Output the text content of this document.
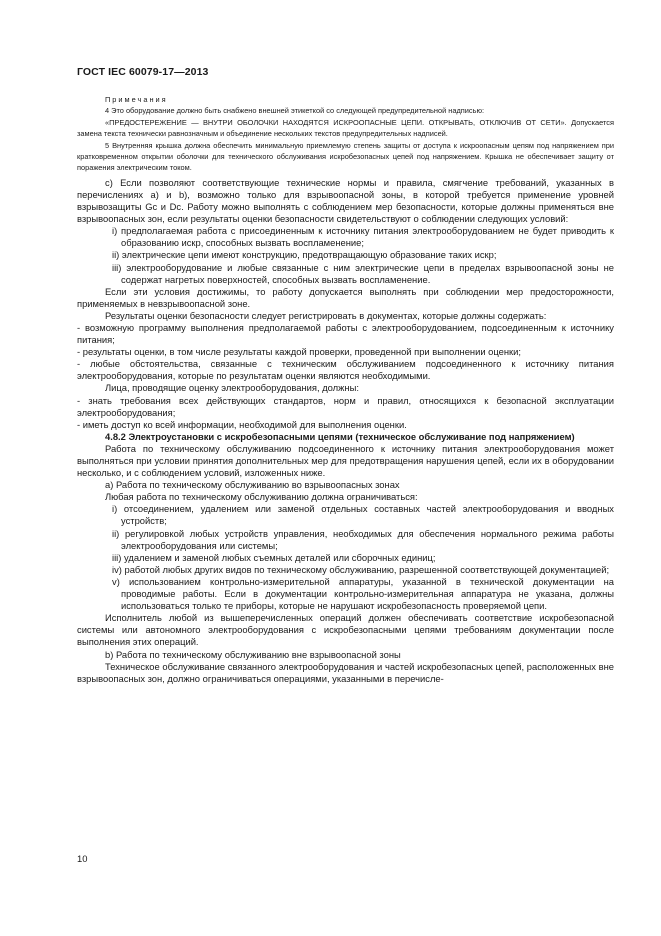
ГОСТ IEC 60079-17—2013

Примечания

4 Это оборудование должно быть снабжено внешней этикеткой со следующей предупредительной надписью:

«ПРЕДОСТЕРЕЖЕНИЕ — ВНУТРИ ОБОЛОЧКИ НАХОДЯТСЯ ИСКРООПАСНЫЕ ЦЕПИ. ОТКРЫВАТЬ, ОТКЛЮЧИВ ОТ СЕТИ». Допускается замена текста технически равнозначным и объединение нескольких текстов предупредительных надписей.

5 Внутренняя крышка должна обеспечить минимальную приемлемую степень защиты от доступа к искроопасным цепям под напряжением при кратковременном открытии оболочки для технического обслуживания искробезопасных цепей под напряжением. Крышка не обеспечивает защиту от поражения электрическим током.

c) Если позволяют соответствующие технические нормы и правила, смягчение требований, указанных в перечислениях а) и b), возможно только для взрывоопасной зоны, в которой требуется применение уровней взрывозащиты Gc и Dc. Работу можно выполнять с соблюдением мер безопасности, которые должны применяться вне взрывоопасных зон, если результаты оценки безопасности свидетельствуют о соблюдении следующих условий:

i) предполагаемая работа с присоединенным к источнику питания электрооборудованием не будет приводить к образованию искр, способных вызвать воспламенение;

ii) электрические цепи имеют конструкцию, предотвращающую образование таких искр;

iii) электрооборудование и любые связанные с ним электрические цепи в пределах взрывоопасной зоны не содержат нагретых поверхностей, способных вызвать воспламенение.

Если эти условия достижимы, то работу допускается выполнять при соблюдении мер предосторожности, применяемых в невзрывоопасной зоне.

Результаты оценки безопасности следует регистрировать в документах, которые должны содержать:

- возможную программу выполнения предполагаемой работы с электрооборудованием, подсоединенным к источнику питания;

- результаты оценки, в том числе результаты каждой проверки, проведенной при выполнении оценки;

- любые обстоятельства, связанные с техническим обслуживанием подсоединенного к источнику питания электрооборудования, которые по результатам оценки являются необходимыми.

Лица, проводящие оценку электрооборудования, должны:

- знать требования всех действующих стандартов, норм и правил, относящихся к безопасной эксплуатации электрооборудования;

- иметь доступ ко всей информации, необходимой для выполнения оценки.

4.8.2 Электроустановки с искробезопасными цепями (техническое обслуживание под напряжением)

Работа по техническому обслуживанию подсоединенного к источнику питания электрооборудования может выполняться при условии принятия дополнительных мер для предотвращения нарушения цепей, если их в оборудовании несколько, и с соблюдением условий, изложенных ниже.

a) Работа по техническому обслуживанию во взрывоопасных зонах

Любая работа по техническому обслуживанию должна ограничиваться:

i) отсоединением, удалением или заменой отдельных составных частей электрооборудования и вводных устройств;

ii) регулировкой любых устройств управления, необходимых для обеспечения нормального режима работы электрооборудования или системы;

iii) удалением и заменой любых съемных деталей или сборочных единиц;

iv) работой любых других видов по техническому обслуживанию, разрешенной соответствующей документацией;

v) использованием контрольно-измерительной аппаратуры, указанной в технической документации на проводимые работы. Если в документации контрольно-измерительная аппаратура не указана, должны использоваться только те приборы, которые не нарушают искробезопасность проверяемой цепи.

Исполнитель любой из вышеперечисленных операций должен обеспечивать соответствие искробезопасной системы или автономного электрооборудования с искробезопасными цепями требованиям документации после выполнения этих операций.

b) Работа по техническому обслуживанию вне взрывоопасной зоны

Техническое обслуживание связанного электрооборудования и частей искробезопасных цепей, расположенных вне взрывоопасных зон, должно ограничиваться операциями, указанными в перечисле-

10
